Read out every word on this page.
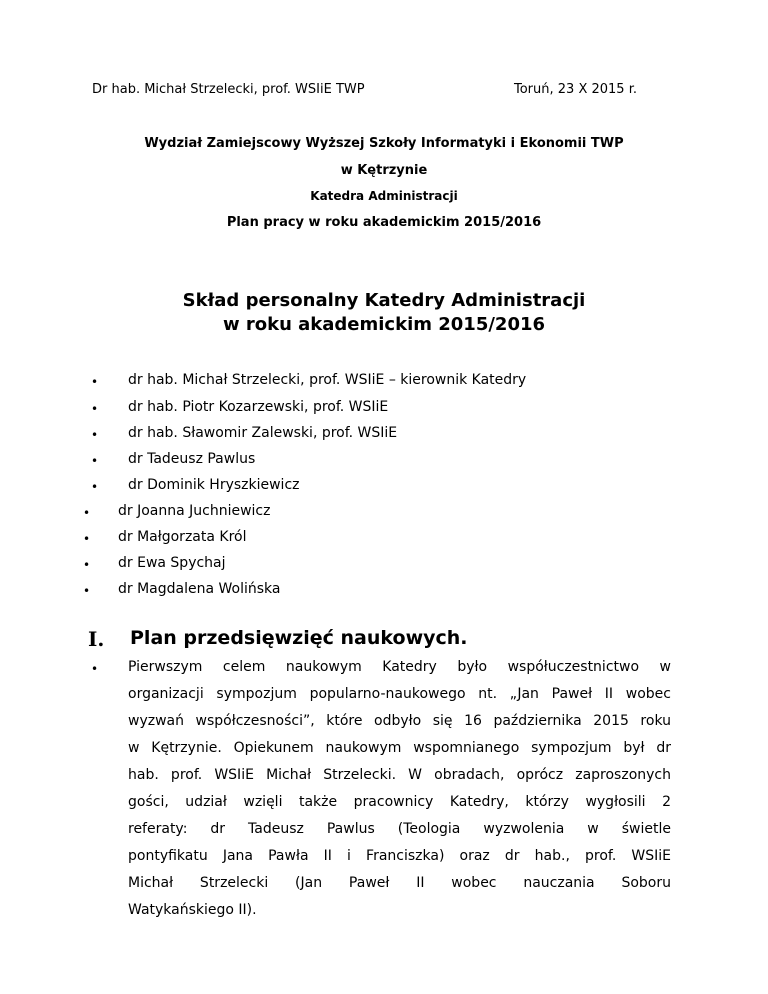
Dr hab. Michał Strzelecki, prof. WSIiE TWP	Toruń, 23 X 2015 r.
Wydział Zamiejscowy Wyższej Szkoły Informatyki i Ekonomii TWP
w Kętrzynie
Katedra Administracji
Plan pracy w roku akademickim 2015/2016
Skład personalny Katedry Administracji
w roku akademickim 2015/2016
• dr hab. Michał Strzelecki, prof. WSIiE – kierownik Katedry
• dr hab. Piotr Kozarzewski, prof. WSIiE
• dr hab. Sławomir Zalewski, prof. WSIiE
• dr Tadeusz Pawlus
• dr Dominik Hryszkiewicz
• dr Joanna Juchniewicz
• dr Małgorzata Król
• dr Ewa Spychaj
• dr Magdalena Wolińska
I. Plan przedsięwzięć naukowych.
• Pierwszym celem naukowym Katedry było współuczestnictwo w
organizacji sympozjum popularno-naukowego nt. „Jan Paweł II wobec
wyzwań współczesności”, które odbyło się 16 października 2015 roku
w Kętrzynie. Opiekunem naukowym wspomnianego sympozjum był dr
hab. prof. WSIiE Michał Strzelecki. W obradach, oprócz zaproszonych
gości, udział wzięli także pracownicy Katedry, którzy wygłosili 2
referaty: dr Tadeusz Pawlus (Teologia wyzwolenia w świetle
pontyfikatu Jana Pawła II i Franciszka) oraz dr hab., prof. WSIiE
Michał Strzelecki (Jan Paweł II wobec nauczania Soboru
Watykańskiego II).
